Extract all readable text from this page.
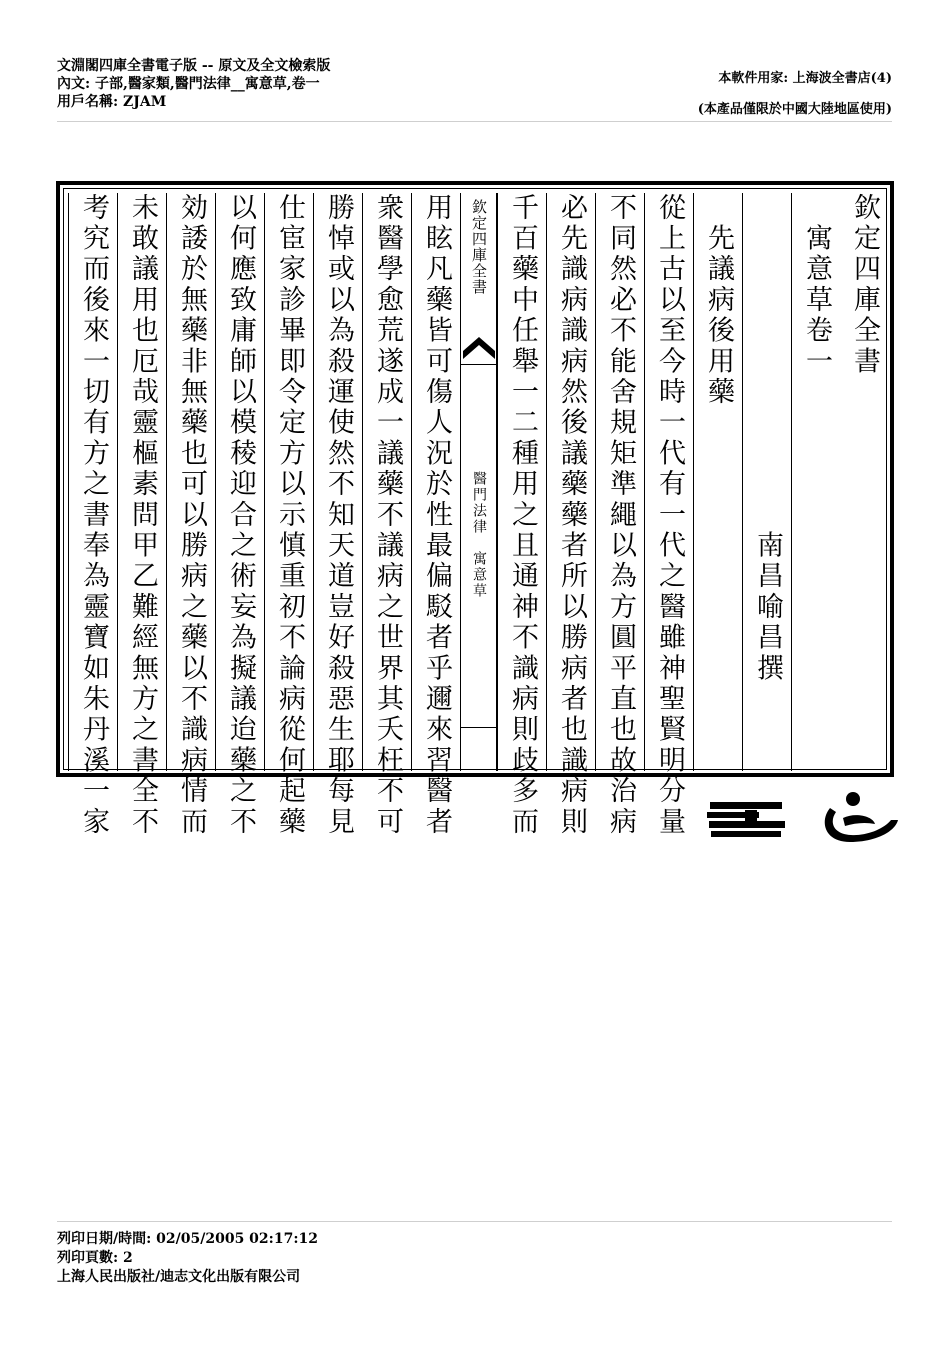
文淵閣四庫全書電子版 -- 原文及全文檢索版
內文: 子部,醫家類,醫門法律__寓意草,卷一
用戶名稱: ZJAM
本軟件用家: 上海波全書店(4)
(本產品僅限於中國大陸地區使用)
欽定四庫全書
　寓意草卷一
　　　　　　　　　　　南昌喻昌撰
　先議病後用藥
從上古以至今時一代有一代之醫雖神聖賢明分量
不同然必不能舍規矩準繩以為方圓平直也故治病
必先識病識病然後議藥藥者所以勝病者也識病則
千百藥中任舉一二種用之且通神不識病則歧多而
欽定四庫全書
醫門法律　寓意草
用眩凡藥皆可傷人況於性最偏駁者乎邇來習醫者
衆醫學愈荒遂成一議藥不議病之世界其夭枉不可
勝悼或以為殺運使然不知天道豈好殺惡生耶每見
仕宦家診畢即令定方以示慎重初不論病從何起藥
以何應致庸師以模稜迎合之術妄為擬議迨藥之不
効諉於無藥非無藥也可以勝病之藥以不識病情而
未敢議用也厄哉靈樞素問甲乙難經無方之書全不
考究而後來一切有方之書奉為靈寶如朱丹溪一家
列印日期/時間: 02/05/2005 02:17:12
列印頁數: 2
上海人民出版社/迪志文化出版有限公司
